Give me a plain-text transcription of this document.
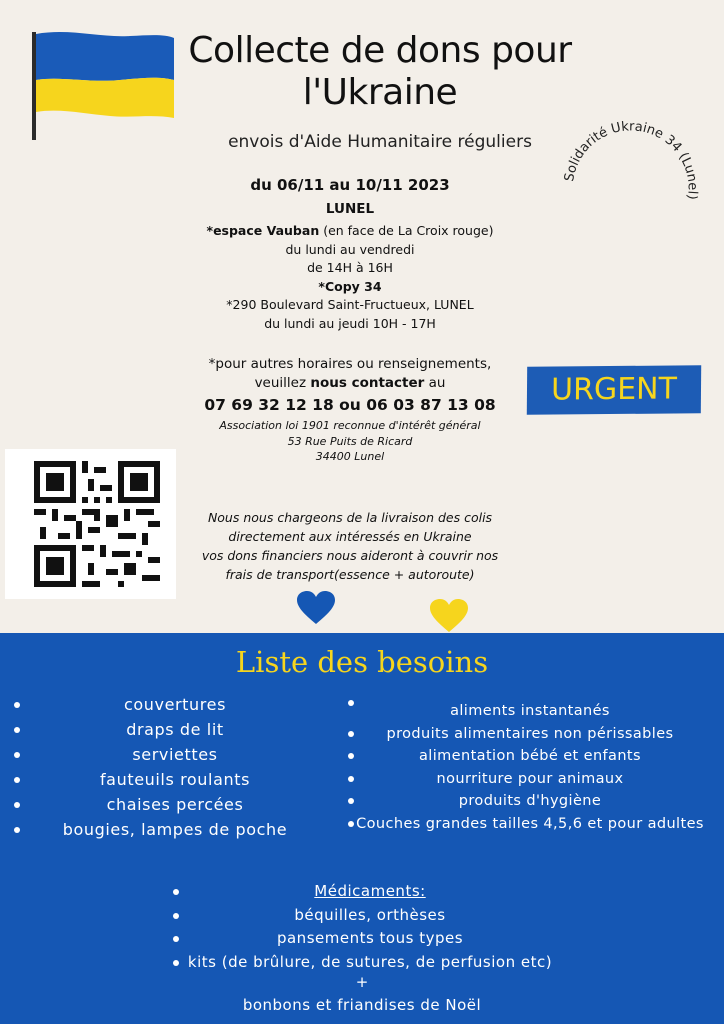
Collecte de dons pour
l'Ukraine
envois d'Aide Humanitaire réguliers
Solidarité Ukraine 34 (Lunel)
du 06/11 au 10/11 2023
LUNEL
*espace Vauban (en face de La Croix rouge)
du lundi au vendredi
de 14H à 16H
*Copy 34
*290 Boulevard Saint-Fructueux, LUNEL
du lundi au jeudi 10H - 17H
*pour autres horaires ou renseignements,
veuillez nous contacter au
07 69 32 12 18 ou 06 03 87 13 08
Association loi 1901 reconnue d'intérêt général
53 Rue Puits de Ricard
34400 Lunel
URGENT
Nous nous chargeons de la livraison des colis
directement aux intéressés en Ukraine
vos dons financiers nous aideront à couvrir nos
frais de transport(essence + autoroute)
Liste des besoins
couvertures
draps de lit
serviettes
fauteuils roulants
chaises percées
bougies, lampes de poche
aliments instantanés
produits alimentaires non périssables
alimentation bébé et enfants
nourriture pour animaux
produits d'hygiène
Couches grandes tailles 4,5,6 et pour adultes
Médicaments:
béquilles, orthèses
pansements tous types
kits (de brûlure, de sutures, de perfusion etc)
+
bonbons et friandises de Noël
